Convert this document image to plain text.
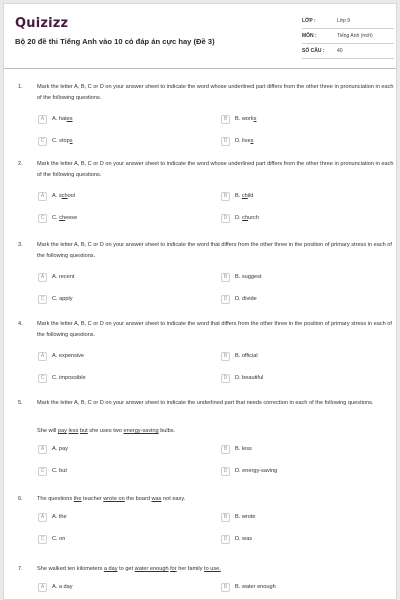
Quizizz
Bộ 20 đề thi Tiếng Anh vào 10 có đáp án cực hay (Đề 3)
LỚP :	Lớp 9
MÔN :	Tiếng Anh (mới)
SỐ CÂU :	40
1.	Mark the letter A, B, C or D on your answer sheet to indicate the word whose underlined part differs from the other three in pronunciation in each of the following questions.
A	A. hates	B	B. works
C	C. stops	D	D. lives
2.	Mark the letter A, B, C or D on your answer sheet to indicate the word whose underlined part differs from the other three in pronunciation in each of the following questions.
A	A. school	B	B. child
C	C. cheese	D	D. church
3.	Mark the letter A, B, C or D on your answer sheet to indicate the word that differs from the other three in the position of primary stress in each of the following questions.
A	A. recent	B	B. suggest
C	C. apply	D	D. divide
4.	Mark the letter A, B, C or D on your answer sheet to indicate the word that differs from the other three in the position of primary stress in each of the following questions.
A	A. expensive	B	B. official
C	C. impossible	D	D. beautiful
5.	Mark the letter A, B, C or D on your answer sheet to indicate the underlined part that needs correction in each of the following questions.
She will pay less but she uses two energy-saving bulbs.
A	A. pay	B	B. less
C	C. but	D	D. energy-saving
6.	The questions the teacher wrote on the board was not easy.
A	A. the	B	B. wrote
C	C. on	D	D. was
7.	She walked ten kilometers a day to get water enough for her family to use.
A	A. a day	B	B. water enough
